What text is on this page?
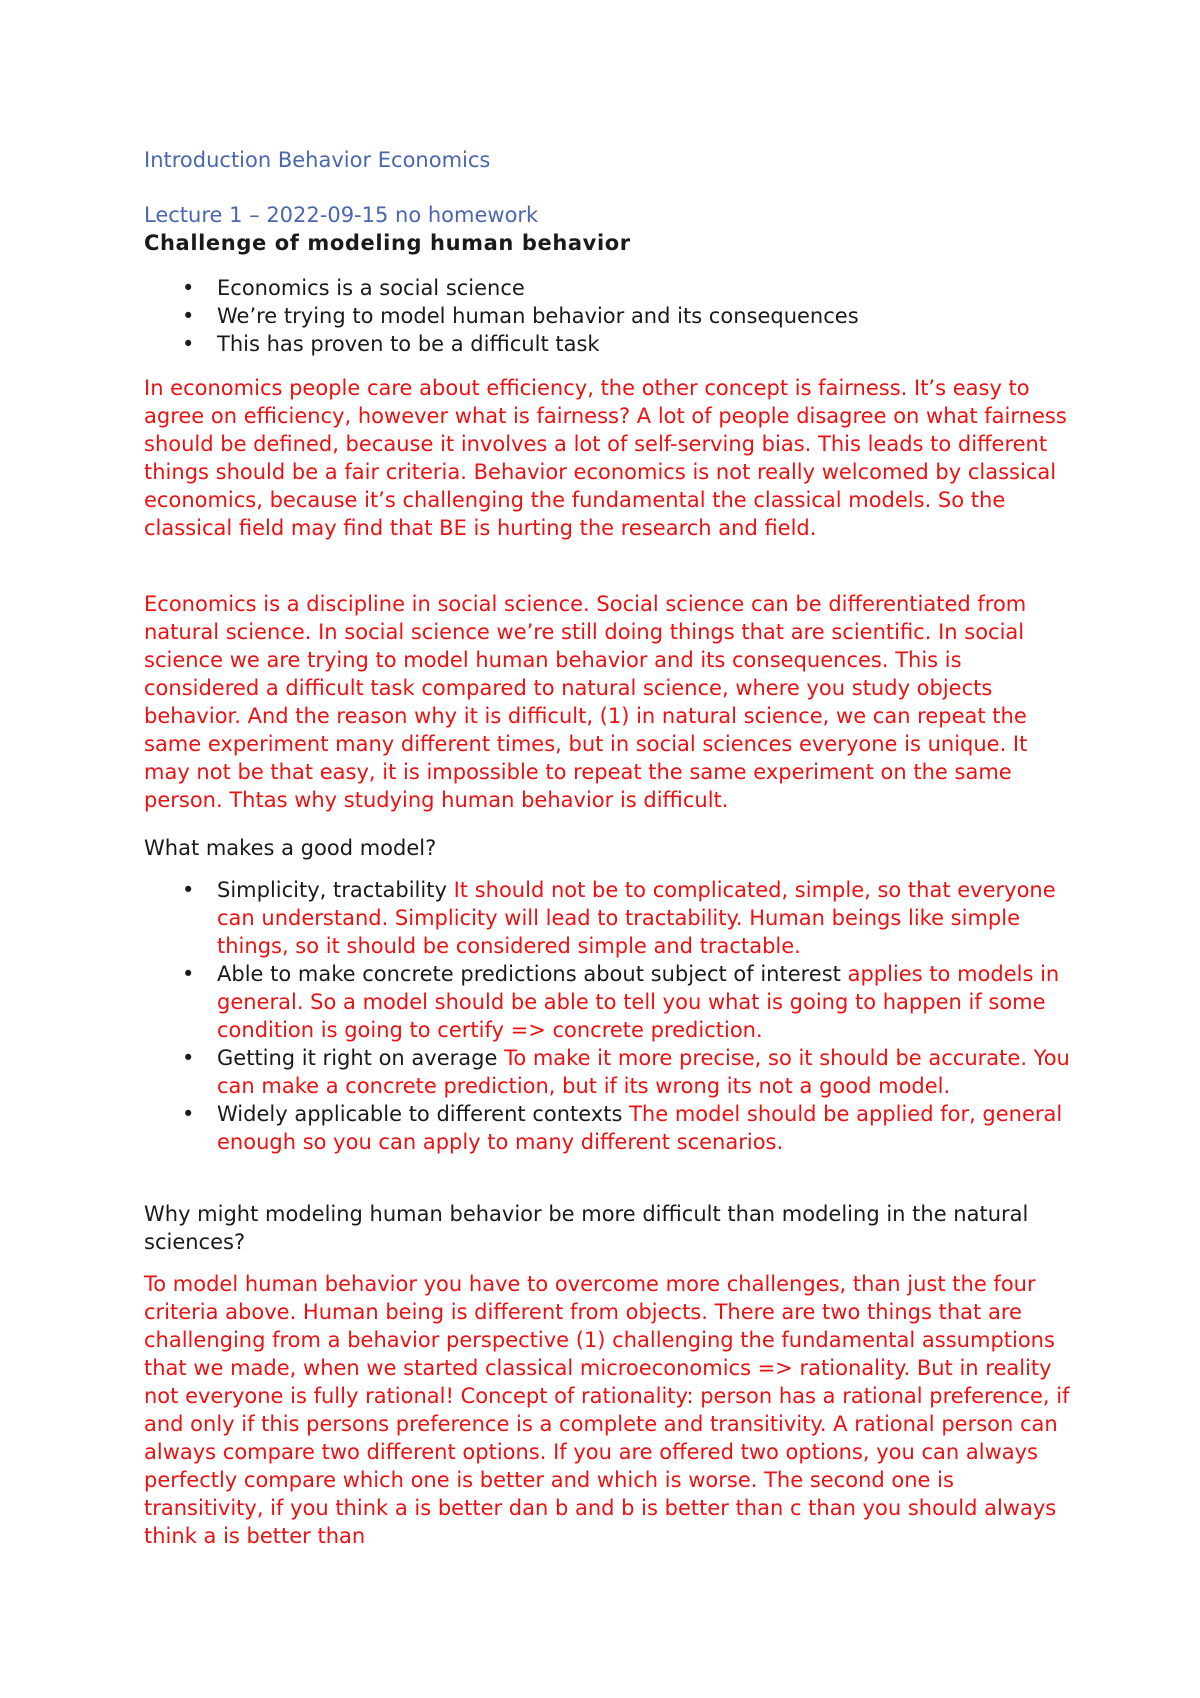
Introduction Behavior Economics

Lecture 1 – 2022-09-15 no homework

Challenge of modeling human behavior

• Economics is a social science
• We’re trying to model human behavior and its consequences
• This has proven to be a difficult task

In economics people care about efficiency, the other concept is fairness. It’s easy to agree on efficiency, however what is fairness? A lot of people disagree on what fairness should be defined, because it involves a lot of self-serving bias. This leads to different things should be a fair criteria. Behavior economics is not really welcomed by classical economics, because it’s challenging the fundamental the classical models. So the classical field may find that BE is hurting the research and field.

Economics is a discipline in social science. Social science can be differentiated from natural science. In social science we’re still doing things that are scientific. In social science we are trying to model human behavior and its consequences. This is considered a difficult task compared to natural science, where you study objects behavior. And the reason why it is difficult, (1) in natural science, we can repeat the same experiment many different times, but in social sciences everyone is unique. It may not be that easy, it is impossible to repeat the same experiment on the same person. Thtas why studying human behavior is difficult.

What makes a good model?

• Simplicity, tractability It should not be to complicated, simple, so that everyone can understand. Simplicity will lead to tractability. Human beings like simple things, so it should be considered simple and tractable.
• Able to make concrete predictions about subject of interest applies to models in general. So a model should be able to tell you what is going to happen if some condition is going to certify => concrete prediction.
• Getting it right on average To make it more precise, so it should be accurate. You can make a concrete prediction, but if its wrong its not a good model.
• Widely applicable to different contexts The model should be applied for, general enough so you can apply to many different scenarios.

Why might modeling human behavior be more difficult than modeling in the natural sciences?

To model human behavior you have to overcome more challenges, than just the four criteria above. Human being is different from objects. There are two things that are challenging from a behavior perspective (1) challenging the fundamental assumptions that we made, when we started classical microeconomics => rationality. But in reality not everyone is fully rational! Concept of rationality: person has a rational preference, if and only if this persons preference is a complete and transitivity. A rational person can always compare two different options. If you are offered two options, you can always perfectly compare which one is better and which is worse. The second one is transitivity, if you think a is better dan b and b is better than c than you should always think a is better than
